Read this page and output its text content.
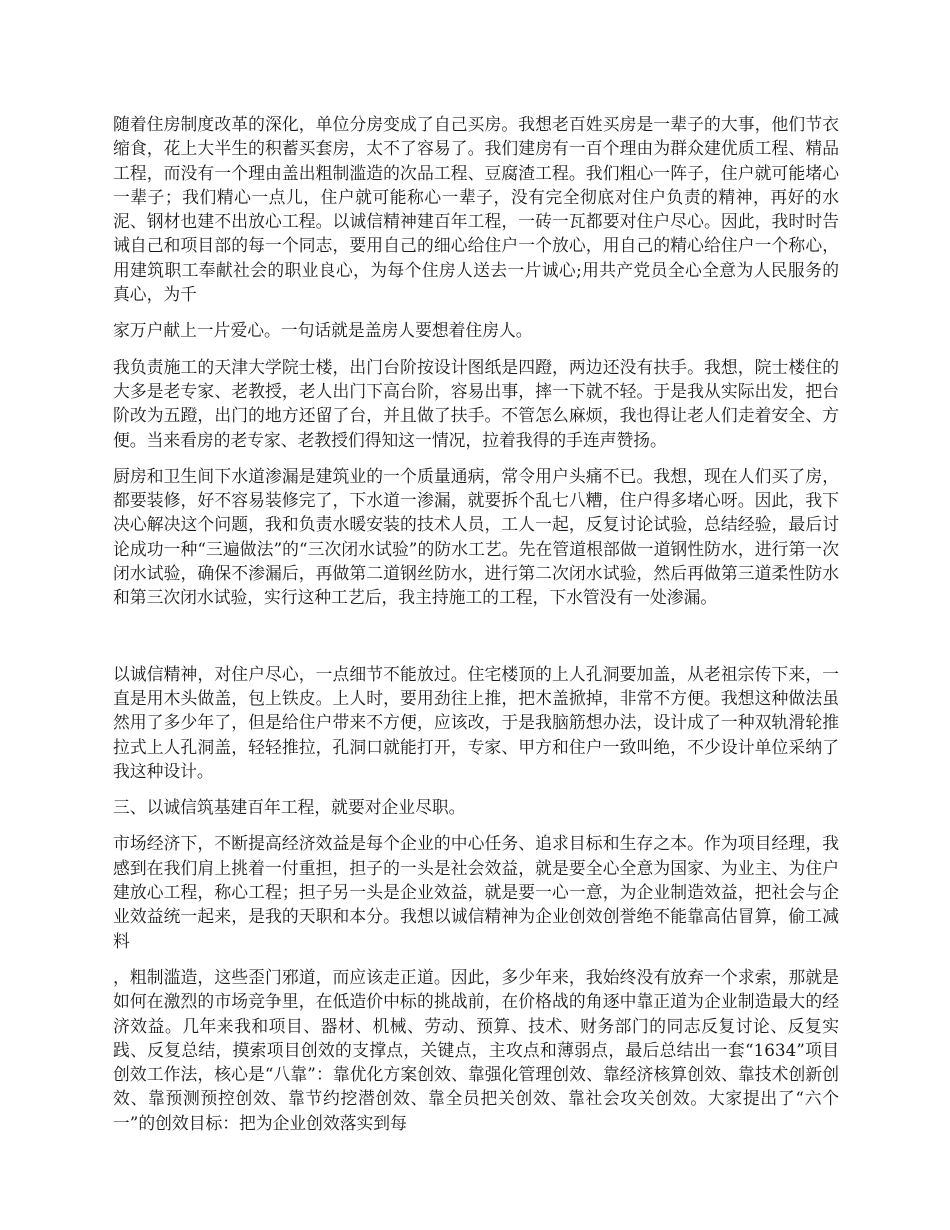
随着住房制度改革的深化，单位分房变成了自己买房。我想老百姓买房是一辈子的大事，他们节衣缩食，花上大半生的积蓄买套房，太不了容易了。我们建房有一百个理由为群众建优质工程、精品工程，而没有一个理由盖出粗制滥造的次品工程、豆腐渣工程。我们粗心一阵子，住户就可能堵心一辈子；我们精心一点儿，住户就可能称心一辈子，没有完全彻底对住户负责的精神，再好的水泥、钢材也建不出放心工程。以诚信精神建百年工程，一砖一瓦都要对住户尽心。因此，我时时告诫自己和项目部的每一个同志，要用自己的细心给住户一个放心，用自己的精心给住户一个称心，用建筑职工奉献社会的职业良心，为每个住房人送去一片诚心;用共产党员全心全意为人民服务的真心，为千

家万户献上一片爱心。一句话就是盖房人要想着住房人。

我负责施工的天津大学院士楼，出门台阶按设计图纸是四蹬，两边还没有扶手。我想，院士楼住的大多是老专家、老教授，老人出门下高台阶，容易出事，摔一下就不轻。于是我从实际出发，把台阶改为五蹬，出门的地方还留了台，并且做了扶手。不管怎么麻烦，我也得让老人们走着安全、方便。当来看房的老专家、老教授们得知这一情况，拉着我得的手连声赞扬。

厨房和卫生间下水道渗漏是建筑业的一个质量通病，常令用户头痛不已。我想，现在人们买了房，都要装修，好不容易装修完了，下水道一渗漏，就要拆个乱七八糟，住户得多堵心呀。因此，我下决心解决这个问题，我和负责水暖安装的技术人员，工人一起，反复讨论试验，总结经验，最后讨论成功一种“三遍做法”的“三次闭水试验”的防水工艺。先在管道根部做一道钢性防水，进行第一次闭水试验，确保不渗漏后，再做第二道钢丝防水，进行第二次闭水试验，然后再做第三道柔性防水和第三次闭水试验，实行这种工艺后，我主持施工的工程，下水管没有一处渗漏。

以诚信精神，对住户尽心，一点细节不能放过。住宅楼顶的上人孔洞要加盖，从老祖宗传下来，一直是用木头做盖，包上铁皮。上人时，要用劲往上推，把木盖掀掉，非常不方便。我想这种做法虽然用了多少年了，但是给住户带来不方便，应该改，于是我脑筋想办法，设计成了一种双轨滑轮推拉式上人孔洞盖，轻轻推拉，孔洞口就能打开，专家、甲方和住户一致叫绝，不少设计单位采纳了我这种设计。

三、以诚信筑基建百年工程，就要对企业尽职。

市场经济下，不断提高经济效益是每个企业的中心任务、追求目标和生存之本。作为项目经理，我感到在我们肩上挑着一付重担，担子的一头是社会效益，就是要全心全意为国家、为业主、为住户建放心工程，称心工程；担子另一头是企业效益，就是要一心一意，为企业制造效益，把社会与企业效益统一起来，是我的天职和本分。我想以诚信精神为企业创效创誉绝不能靠高估冒算，偷工减料

，粗制滥造，这些歪门邪道，而应该走正道。因此，多少年来，我始终没有放弃一个求索，那就是如何在激烈的市场竞争里，在低造价中标的挑战前，在价格战的角逐中靠正道为企业制造最大的经济效益。几年来我和项目、器材、机械、劳动、预算、技术、财务部门的同志反复讨论、反复实践、反复总结，摸索项目创效的支撑点，关键点，主攻点和薄弱点，最后总结出一套“1634”项目创效工作法，核心是“八靠”：靠优化方案创效、靠强化管理创效、靠经济核算创效、靠技术创新创效、靠预测预控创效、靠节约挖潜创效、靠全员把关创效、靠社会攻关创效。大家提出了“六个一”的创效目标：把为企业创效落实到每
